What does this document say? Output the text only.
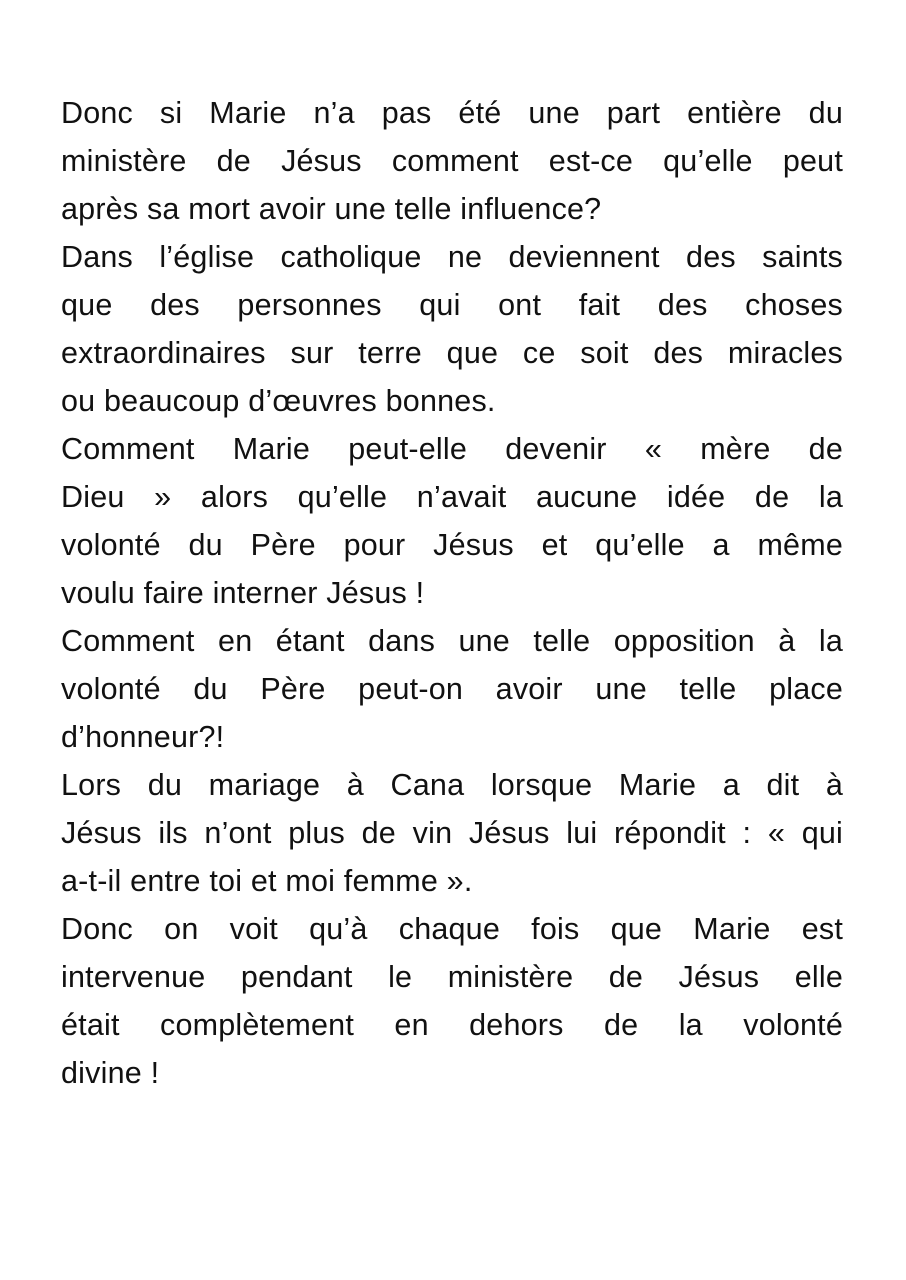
Donc si Marie n’a pas été une part entière du
ministère de Jésus comment est-ce qu’elle peut
après sa mort avoir une telle influence?

Dans l’église catholique ne deviennent des saints
que des personnes qui ont fait des choses
extraordinaires sur terre que ce soit des miracles
ou beaucoup d’œuvres bonnes.

Comment Marie peut-elle devenir « mère de
Dieu » alors qu’elle n’avait aucune idée de la
volonté du Père pour Jésus et qu’elle a même
voulu faire interner Jésus !

Comment en étant dans une telle opposition à la
volonté du Père peut-on avoir une telle place
d’honneur?!

Lors du mariage à Cana lorsque Marie a dit à
Jésus ils n’ont plus de vin Jésus lui répondit : « qui
a-t-il entre toi et moi femme ».

Donc on voit qu’à chaque fois que Marie est
intervenue pendant le ministère de Jésus elle
était complètement en dehors de la volonté
divine !
